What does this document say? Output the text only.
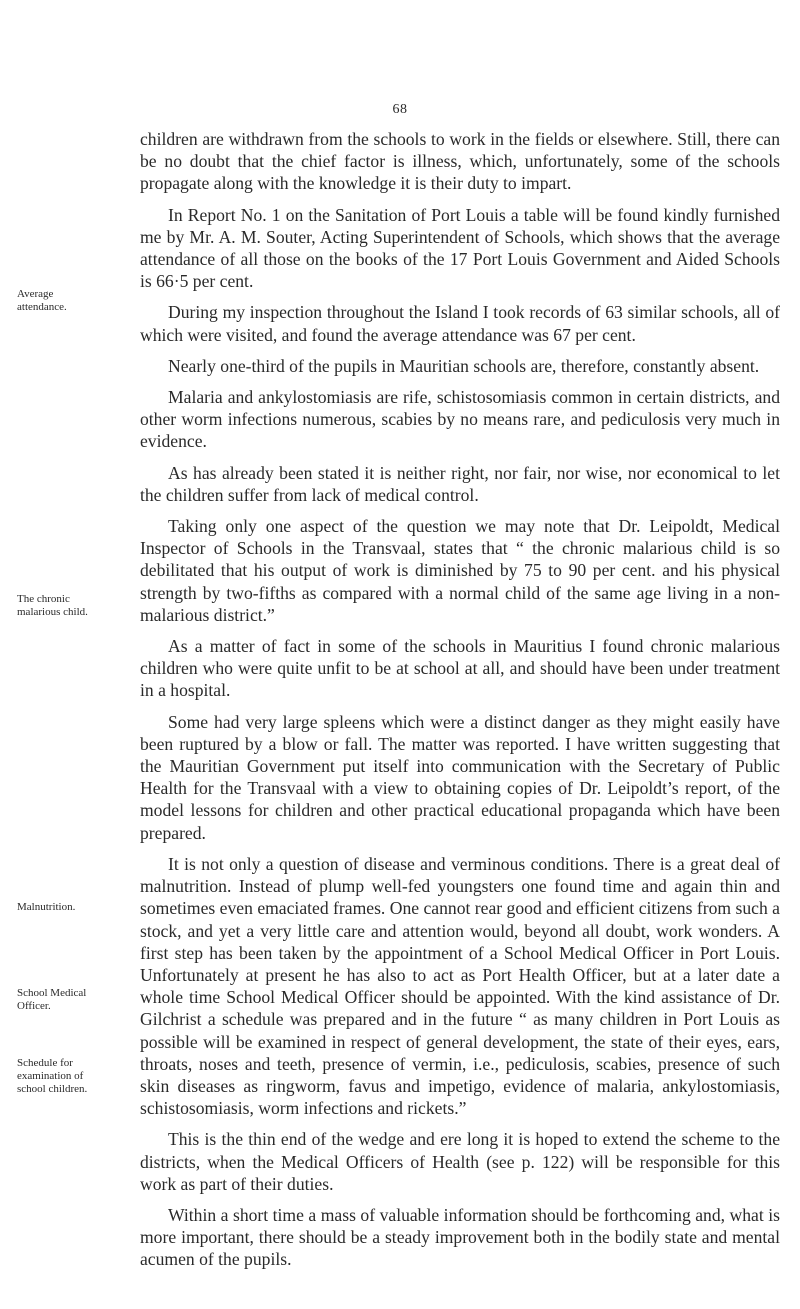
68
Average attendance.
The chronic malarious child.
Malnutrition.
School Medical Officer.
Schedule for examination of school children.

children are withdrawn from the schools to work in the fields or elsewhere. Still, there can be no doubt that the chief factor is illness, which, unfortunately, some of the schools propagate along with the knowledge it is their duty to impart.

In Report No. 1 on the Sanitation of Port Louis a table will be found kindly furnished me by Mr. A. M. Souter, Acting Superintendent of Schools, which shows that the average attendance of all those on the books of the 17 Port Louis Government and Aided Schools is 66·5 per cent.

During my inspection throughout the Island I took records of 63 similar schools, all of which were visited, and found the average attendance was 67 per cent.

Nearly one-third of the pupils in Mauritian schools are, therefore, constantly absent.

Malaria and ankylostomiasis are rife, schistosomiasis common in certain districts, and other worm infections numerous, scabies by no means rare, and pediculosis very much in evidence.

As has already been stated it is neither right, nor fair, nor wise, nor economical to let the children suffer from lack of medical control.

Taking only one aspect of the question we may note that Dr. Leipoldt, Medical Inspector of Schools in the Transvaal, states that “ the chronic malarious child is so debilitated that his output of work is diminished by 75 to 90 per cent. and his physical strength by two-fifths as compared with a normal child of the same age living in a non-malarious district.”

As a matter of fact in some of the schools in Mauritius I found chronic malarious children who were quite unfit to be at school at all, and should have been under treatment in a hospital.

Some had very large spleens which were a distinct danger as they might easily have been ruptured by a blow or fall. The matter was reported. I have written suggesting that the Mauritian Government put itself into communication with the Secretary of Public Health for the Transvaal with a view to obtaining copies of Dr. Leipoldt’s report, of the model lessons for children and other practical educational propaganda which have been prepared.

It is not only a question of disease and verminous conditions. There is a great deal of malnutrition. Instead of plump well-fed youngsters one found time and again thin and sometimes even emaciated frames. One cannot rear good and efficient citizens from such a stock, and yet a very little care and attention would, beyond all doubt, work wonders. A first step has been taken by the appointment of a School Medical Officer in Port Louis. Unfortunately at present he has also to act as Port Health Officer, but at a later date a whole time School Medical Officer should be appointed. With the kind assistance of Dr. Gilchrist a schedule was prepared and in the future “ as many children in Port Louis as possible will be examined in respect of general development, the state of their eyes, ears, throats, noses and teeth, presence of vermin, i.e., pediculosis, scabies, presence of such skin diseases as ringworm, favus and impetigo, evidence of malaria, ankylostomiasis, schistosomiasis, worm infections and rickets.”

This is the thin end of the wedge and ere long it is hoped to extend the scheme to the districts, when the Medical Officers of Health (see p. 122) will be responsible for this work as part of their duties.

Within a short time a mass of valuable information should be forthcoming and, what is more important, there should be a steady improvement both in the bodily state and mental acumen of the pupils.
